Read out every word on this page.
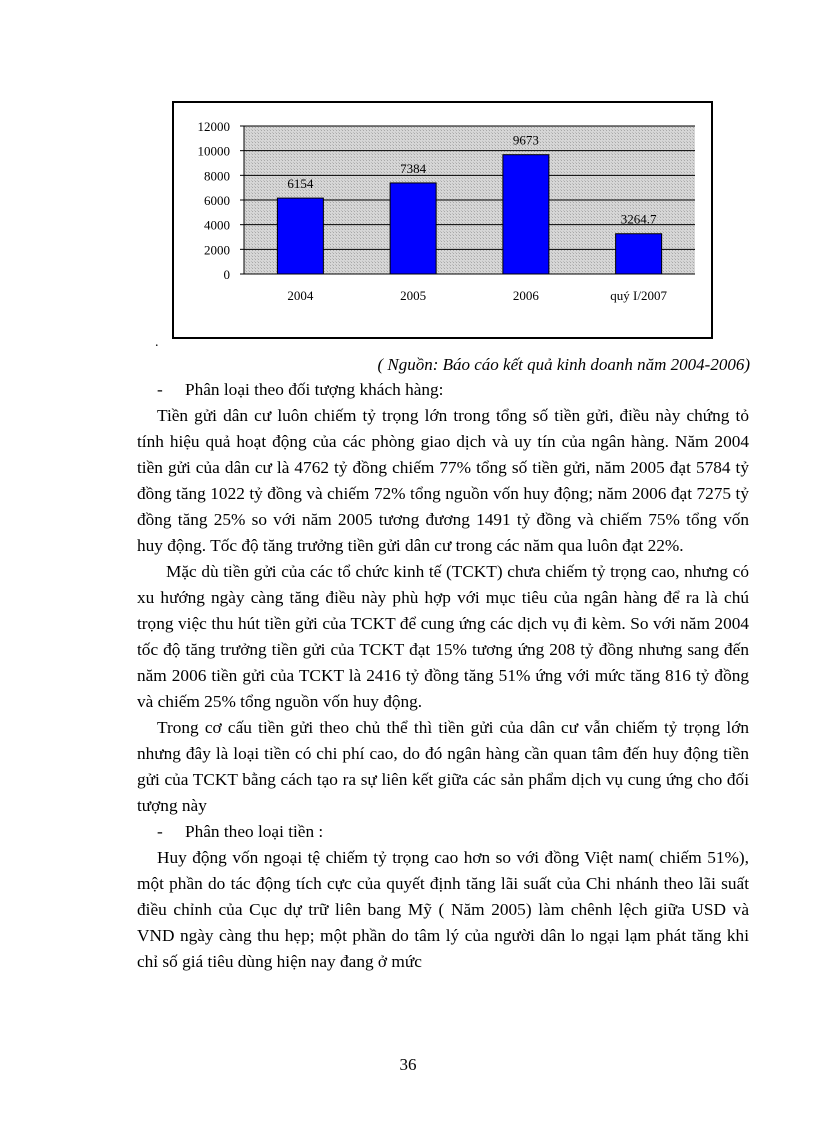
0
2000
4000
6000
8000
10000
12000
6154
2004
7384
2005
9673
2006
3264.7
quý I/2007
.
( Nguồn: Báo cáo kết quả kinh doanh năm 2004-2006)

- Phân loại theo đối tượng khách hàng:

Tiền gửi dân cư luôn chiếm tỷ trọng lớn trong tổng số tiền gửi, điều này chứng tỏ tính hiệu quả hoạt động của các phòng giao dịch và uy tín của ngân hàng. Năm 2004 tiền gửi của dân cư là 4762 tỷ đồng chiếm 77% tổng số tiền gửi, năm 2005 đạt 5784 tỷ đồng tăng 1022 tỷ đồng và chiếm 72% tổng nguồn vốn huy động; năm 2006 đạt 7275 tỷ đồng tăng 25% so với năm 2005 tương đương 1491 tỷ đồng và chiếm 75% tổng vốn huy động. Tốc độ tăng trưởng tiền gửi dân cư trong các năm qua luôn đạt 22%.

Mặc dù tiền gửi của các tổ chức kinh tế (TCKT) chưa chiếm tỷ trọng cao, nhưng có xu hướng ngày càng tăng điều này phù hợp với mục tiêu của ngân hàng để ra là chú trọng việc thu hút tiền gửi của TCKT để cung ứng các dịch vụ đi kèm. So với năm 2004 tốc độ tăng trưởng tiền gửi của TCKT đạt 15% tương ứng 208 tỷ đồng nhưng sang đến năm 2006 tiền gửi của TCKT là 2416 tỷ đồng tăng 51% ứng với mức tăng 816 tỷ đồng và chiếm 25% tổng nguồn vốn huy động.

Trong cơ cấu tiền gửi theo chủ thể thì tiền gửi của dân cư vẫn chiếm tỷ trọng lớn nhưng đây là loại tiền có chi phí cao, do đó ngân hàng cần quan tâm đến huy động tiền gửi của TCKT bằng cách tạo ra sự liên kết giữa các sản phẩm dịch vụ cung ứng cho đối tượng này

- Phân theo loại tiền :

Huy động vốn ngoại tệ chiếm tỷ trọng cao hơn so với đồng Việt nam( chiếm 51%), một phần do tác động tích cực của quyết định tăng lãi suất của Chi nhánh theo lãi suất điều chỉnh của Cục dự trữ liên bang Mỹ ( Năm 2005) làm chênh lệch giữa USD và VND ngày càng thu hẹp; một phần do tâm lý của người dân lo ngại lạm phát tăng khi chỉ số giá tiêu dùng hiện nay đang ở mức

36
